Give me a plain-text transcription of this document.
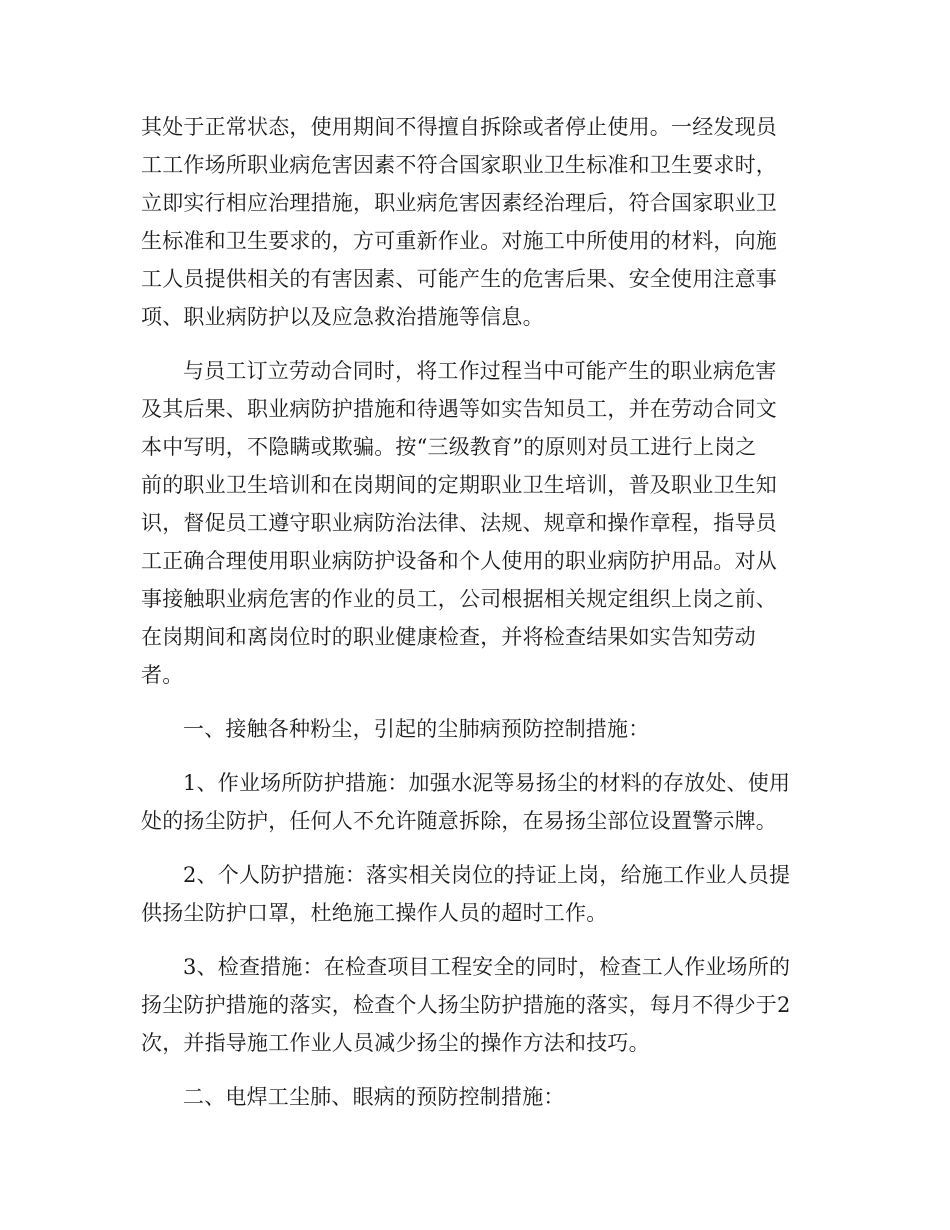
其处于正常状态，使用期间不得擅自拆除或者停止使用。一经发现员
工工作场所职业病危害因素不符合国家职业卫生标准和卫生要求时，
立即实行相应治理措施，职业病危害因素经治理后，符合国家职业卫
生标准和卫生要求的，方可重新作业。对施工中所使用的材料，向施
工人员提供相关的有害因素、可能产生的危害后果、安全使用注意事
项、职业病防护以及应急救治措施等信息。
与员工订立劳动合同时，将工作过程当中可能产生的职业病危害
及其后果、职业病防护措施和待遇等如实告知员工，并在劳动合同文
本中写明，不隐瞒或欺骗。按“三级教育”的原则对员工进行上岗之
前的职业卫生培训和在岗期间的定期职业卫生培训，普及职业卫生知
识，督促员工遵守职业病防治法律、法规、规章和操作章程，指导员
工正确合理使用职业病防护设备和个人使用的职业病防护用品。对从
事接触职业病危害的作业的员工，公司根据相关规定组织上岗之前、
在岗期间和离岗位时的职业健康检查，并将检查结果如实告知劳动
者。
一、接触各种粉尘，引起的尘肺病预防控制措施：
1、作业场所防护措施：加强水泥等易扬尘的材料的存放处、使用
处的扬尘防护，任何人不允许随意拆除，在易扬尘部位设置警示牌。
2、个人防护措施：落实相关岗位的持证上岗，给施工作业人员提
供扬尘防护口罩，杜绝施工操作人员的超时工作。
3、检查措施：在检查项目工程安全的同时，检查工人作业场所的
扬尘防护措施的落实，检查个人扬尘防护措施的落实，每月不得少于2
次，并指导施工作业人员减少扬尘的操作方法和技巧。
二、电焊工尘肺、眼病的预防控制措施：
